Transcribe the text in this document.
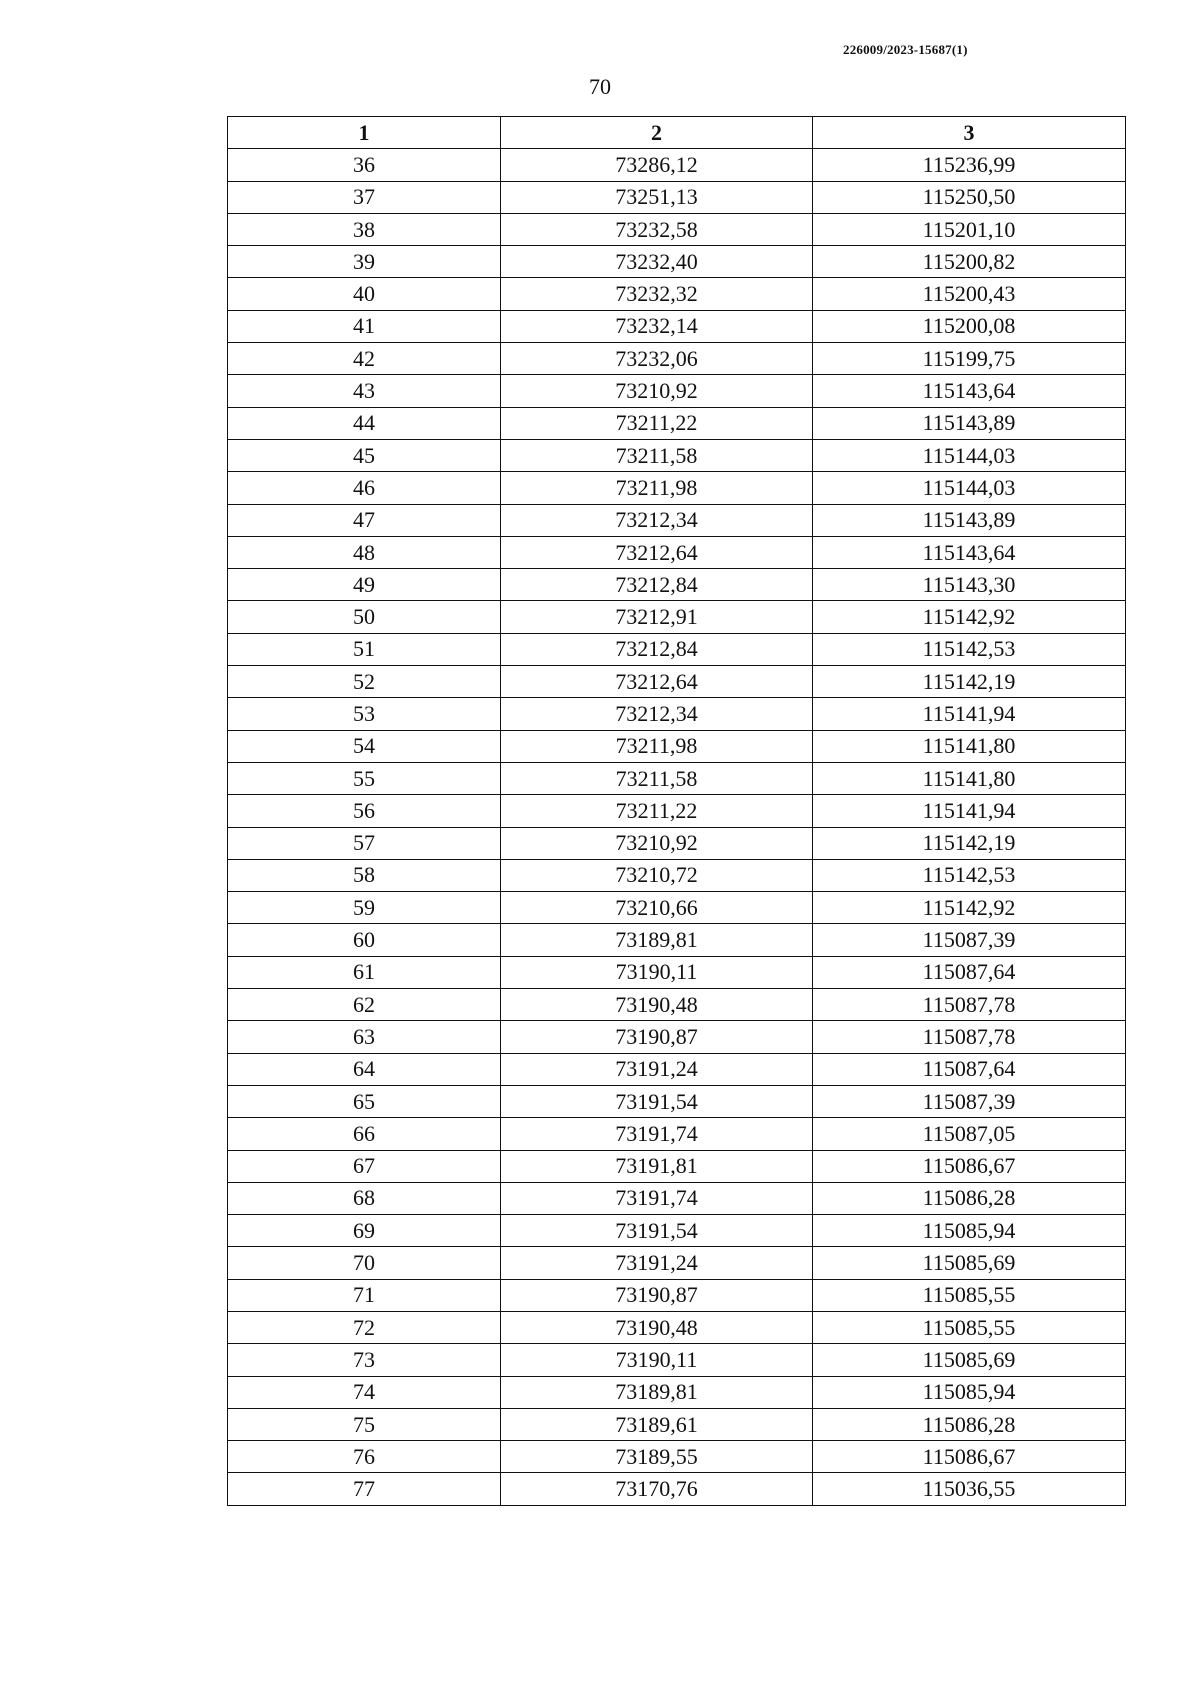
226009/2023-15687(1)
70
1	2	3
36	73286,12	115236,99
37	73251,13	115250,50
38	73232,58	115201,10
39	73232,40	115200,82
40	73232,32	115200,43
41	73232,14	115200,08
42	73232,06	115199,75
43	73210,92	115143,64
44	73211,22	115143,89
45	73211,58	115144,03
46	73211,98	115144,03
47	73212,34	115143,89
48	73212,64	115143,64
49	73212,84	115143,30
50	73212,91	115142,92
51	73212,84	115142,53
52	73212,64	115142,19
53	73212,34	115141,94
54	73211,98	115141,80
55	73211,58	115141,80
56	73211,22	115141,94
57	73210,92	115142,19
58	73210,72	115142,53
59	73210,66	115142,92
60	73189,81	115087,39
61	73190,11	115087,64
62	73190,48	115087,78
63	73190,87	115087,78
64	73191,24	115087,64
65	73191,54	115087,39
66	73191,74	115087,05
67	73191,81	115086,67
68	73191,74	115086,28
69	73191,54	115085,94
70	73191,24	115085,69
71	73190,87	115085,55
72	73190,48	115085,55
73	73190,11	115085,69
74	73189,81	115085,94
75	73189,61	115086,28
76	73189,55	115086,67
77	73170,76	115036,55
